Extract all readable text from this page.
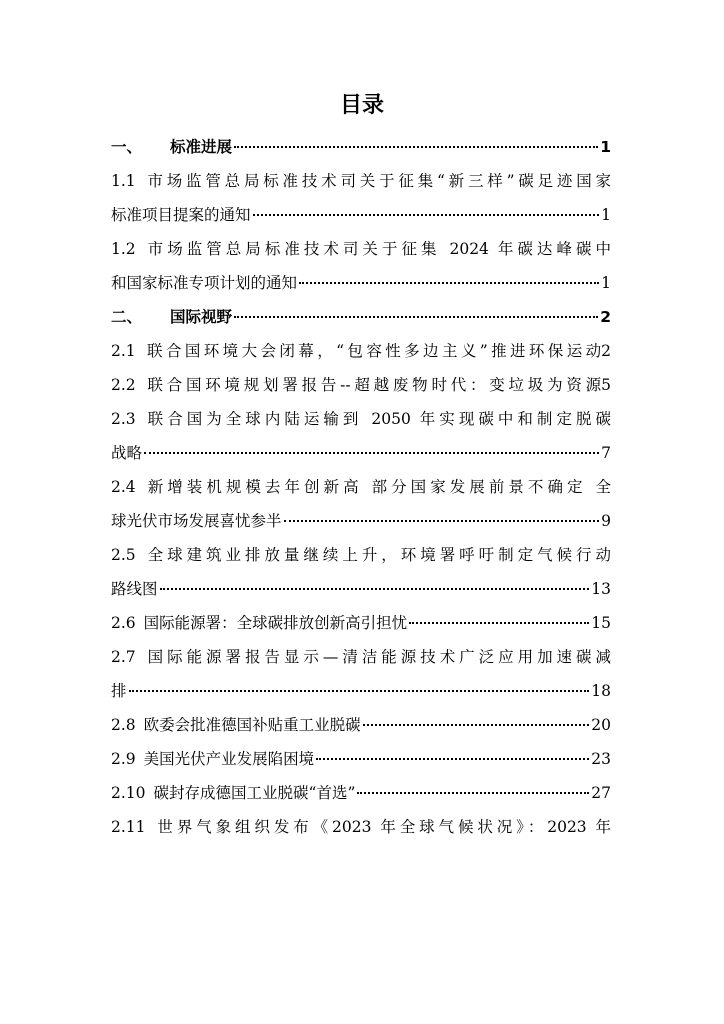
目录
一、 标准进展	1
1.1 市场监管总局标准技术司关于征集“新三样”碳足迹国家
标准项目提案的通知	1
1.2 市场监管总局标准技术司关于征集 2024 年碳达峰碳中
和国家标准专项计划的通知	1
二、 国际视野	2
2.1 联合国环境大会闭幕，“包容性多边主义”推进环保运动 2
2.2 联合国环境规划署报告--超越废物时代：变垃圾为资源 5
2.3 联合国为全球内陆运输到 2050 年实现碳中和制定脱碳
战略	7
2.4 新增装机规模去年创新高 部分国家发展前景不确定 全
球光伏市场发展喜忧参半	9
2.5 全球建筑业排放量继续上升，环境署呼吁制定气候行动
路线图	13
2.6 国际能源署：全球碳排放创新高引担忧	15
2.7 国际能源署报告显示—清洁能源技术广泛应用加速碳减
排	18
2.8 欧委会批准德国补贴重工业脱碳	20
2.9 美国光伏产业发展陷困境	23
2.10 碳封存成德国工业脱碳“首选”	27
2.11 世界气象组织发布《2023 年全球气候状况》：2023 年
